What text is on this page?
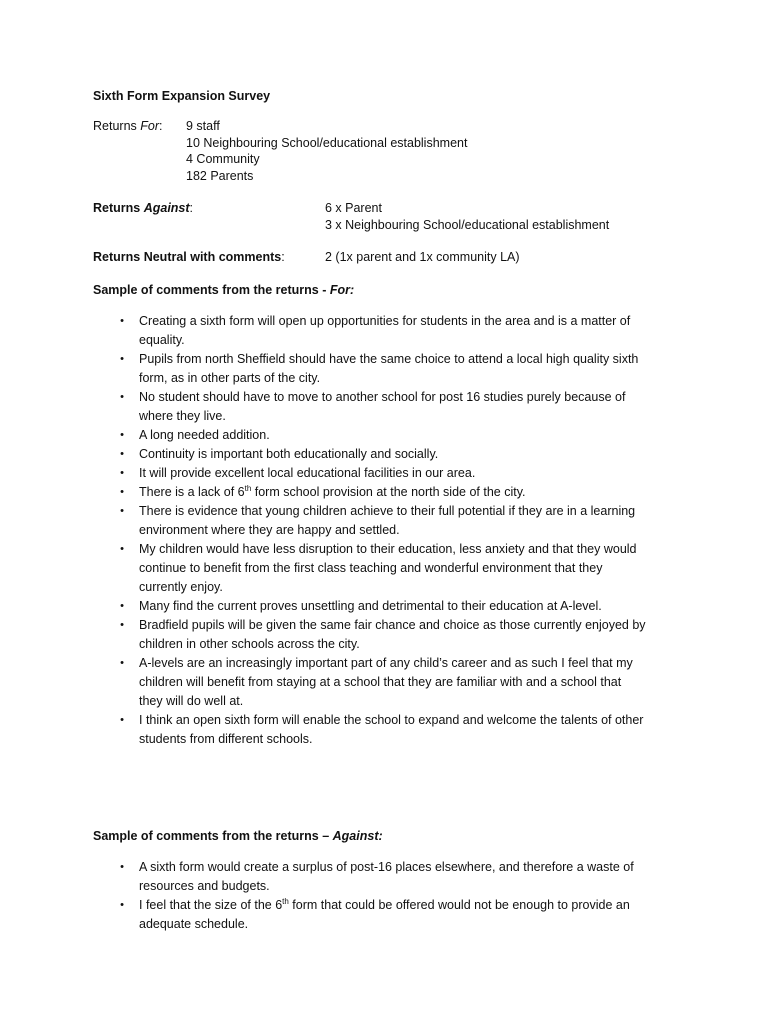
Sixth Form Expansion Survey
Returns For: 9 staff
10 Neighbouring School/educational establishment
4 Community
182 Parents
Returns Against:	6 x Parent
3 x Neighbouring School/educational establishment
Returns Neutral with comments:	2 (1x parent and 1x community LA)
Sample of comments from the returns - For:
• Creating a sixth form will open up opportunities for students in the area and is a matter of
equality.
• Pupils from north Sheffield should have the same choice to attend a local high quality sixth
form, as in other parts of the city.
• No student should have to move to another school for post 16 studies purely because of
where they live.
• A long needed addition.
• Continuity is important both educationally and socially.
• It will provide excellent local educational facilities in our area.
• There is a lack of 6th form school provision at the north side of the city.
• There is evidence that young children achieve to their full potential if they are in a learning
environment where they are happy and settled.
• My children would have less disruption to their education, less anxiety and that they would
continue to benefit from the first class teaching and wonderful environment that they
currently enjoy.
• Many find the current proves unsettling and detrimental to their education at A-level.
• Bradfield pupils will be given the same fair chance and choice as those currently enjoyed by
children in other schools across the city.
• A-levels are an increasingly important part of any child’s career and as such I feel that my
children will benefit from staying at a school that they are familiar with and a school that
they will do well at.
• I think an open sixth form will enable the school to expand and welcome the talents of other
students from different schools.
Sample of comments from the returns – Against:
• A sixth form would create a surplus of post-16 places elsewhere, and therefore a waste of
resources and budgets.
• I feel that the size of the 6th form that could be offered would not be enough to provide an
adequate schedule.
